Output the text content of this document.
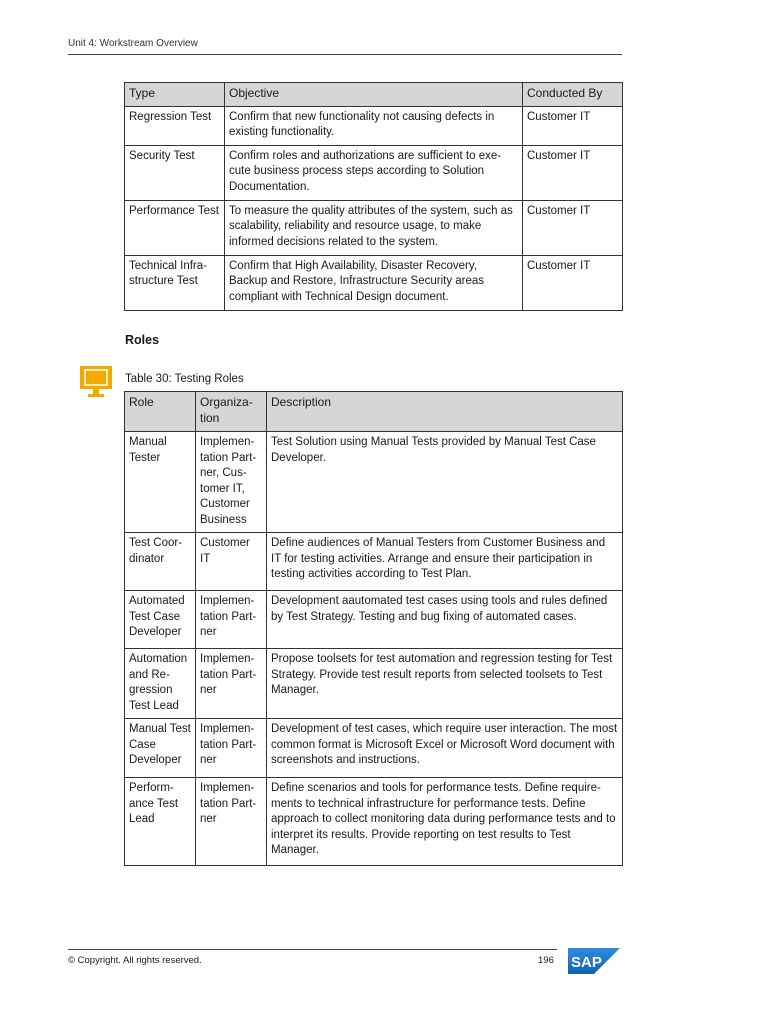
Unit 4: Workstream Overview
Type	Objective	Conducted By
Regression Test	Confirm that new functionality not causing defects in existing functionality.	Customer IT
Security Test	Confirm roles and authorizations are sufficient to execute business process steps according to Solution Documentation.	Customer IT
Performance Test	To measure the quality attributes of the system, such as scalability, reliability and resource usage, to make informed decisions related to the system.	Customer IT
Technical Infrastructure Test	Confirm that High Availability, Disaster Recovery, Backup and Restore, Infrastructure Security areas compliant with Technical Design document.	Customer IT
Roles
Table 30: Testing Roles
Role	Organization	Description
Manual Tester	Implementation Partner, Customer IT, Customer Business	Test Solution using Manual Tests provided by Manual Test Case Developer.
Test Coordinator	Customer IT	Define audiences of Manual Testers from Customer Business and IT for testing activities. Arrange and ensure their participation in testing activities according to Test Plan.
Automated Test Case Developer	Implementation Partner	Development aautomated test cases using tools and rules defined by Test Strategy. Testing and bug fixing of automated cases.
Automation and Regression Test Lead	Implementation Partner	Propose toolsets for test automation and regression testing for Test Strategy. Provide test result reports from selected toolsets to Test Manager.
Manual Test Case Developer	Implementation Partner	Development of test cases, which require user interaction. The most common format is Microsoft Excel or Microsoft Word document with screenshots and instructions.
Performance Test Lead	Implementation Partner	Define scenarios and tools for performance tests. Define requirements to technical infrastructure for performance tests. Define approach to collect monitoring data during performance tests and to interpret its results. Provide reporting on test results to Test Manager.
© Copyright. All rights reserved.	196 SAP ®
